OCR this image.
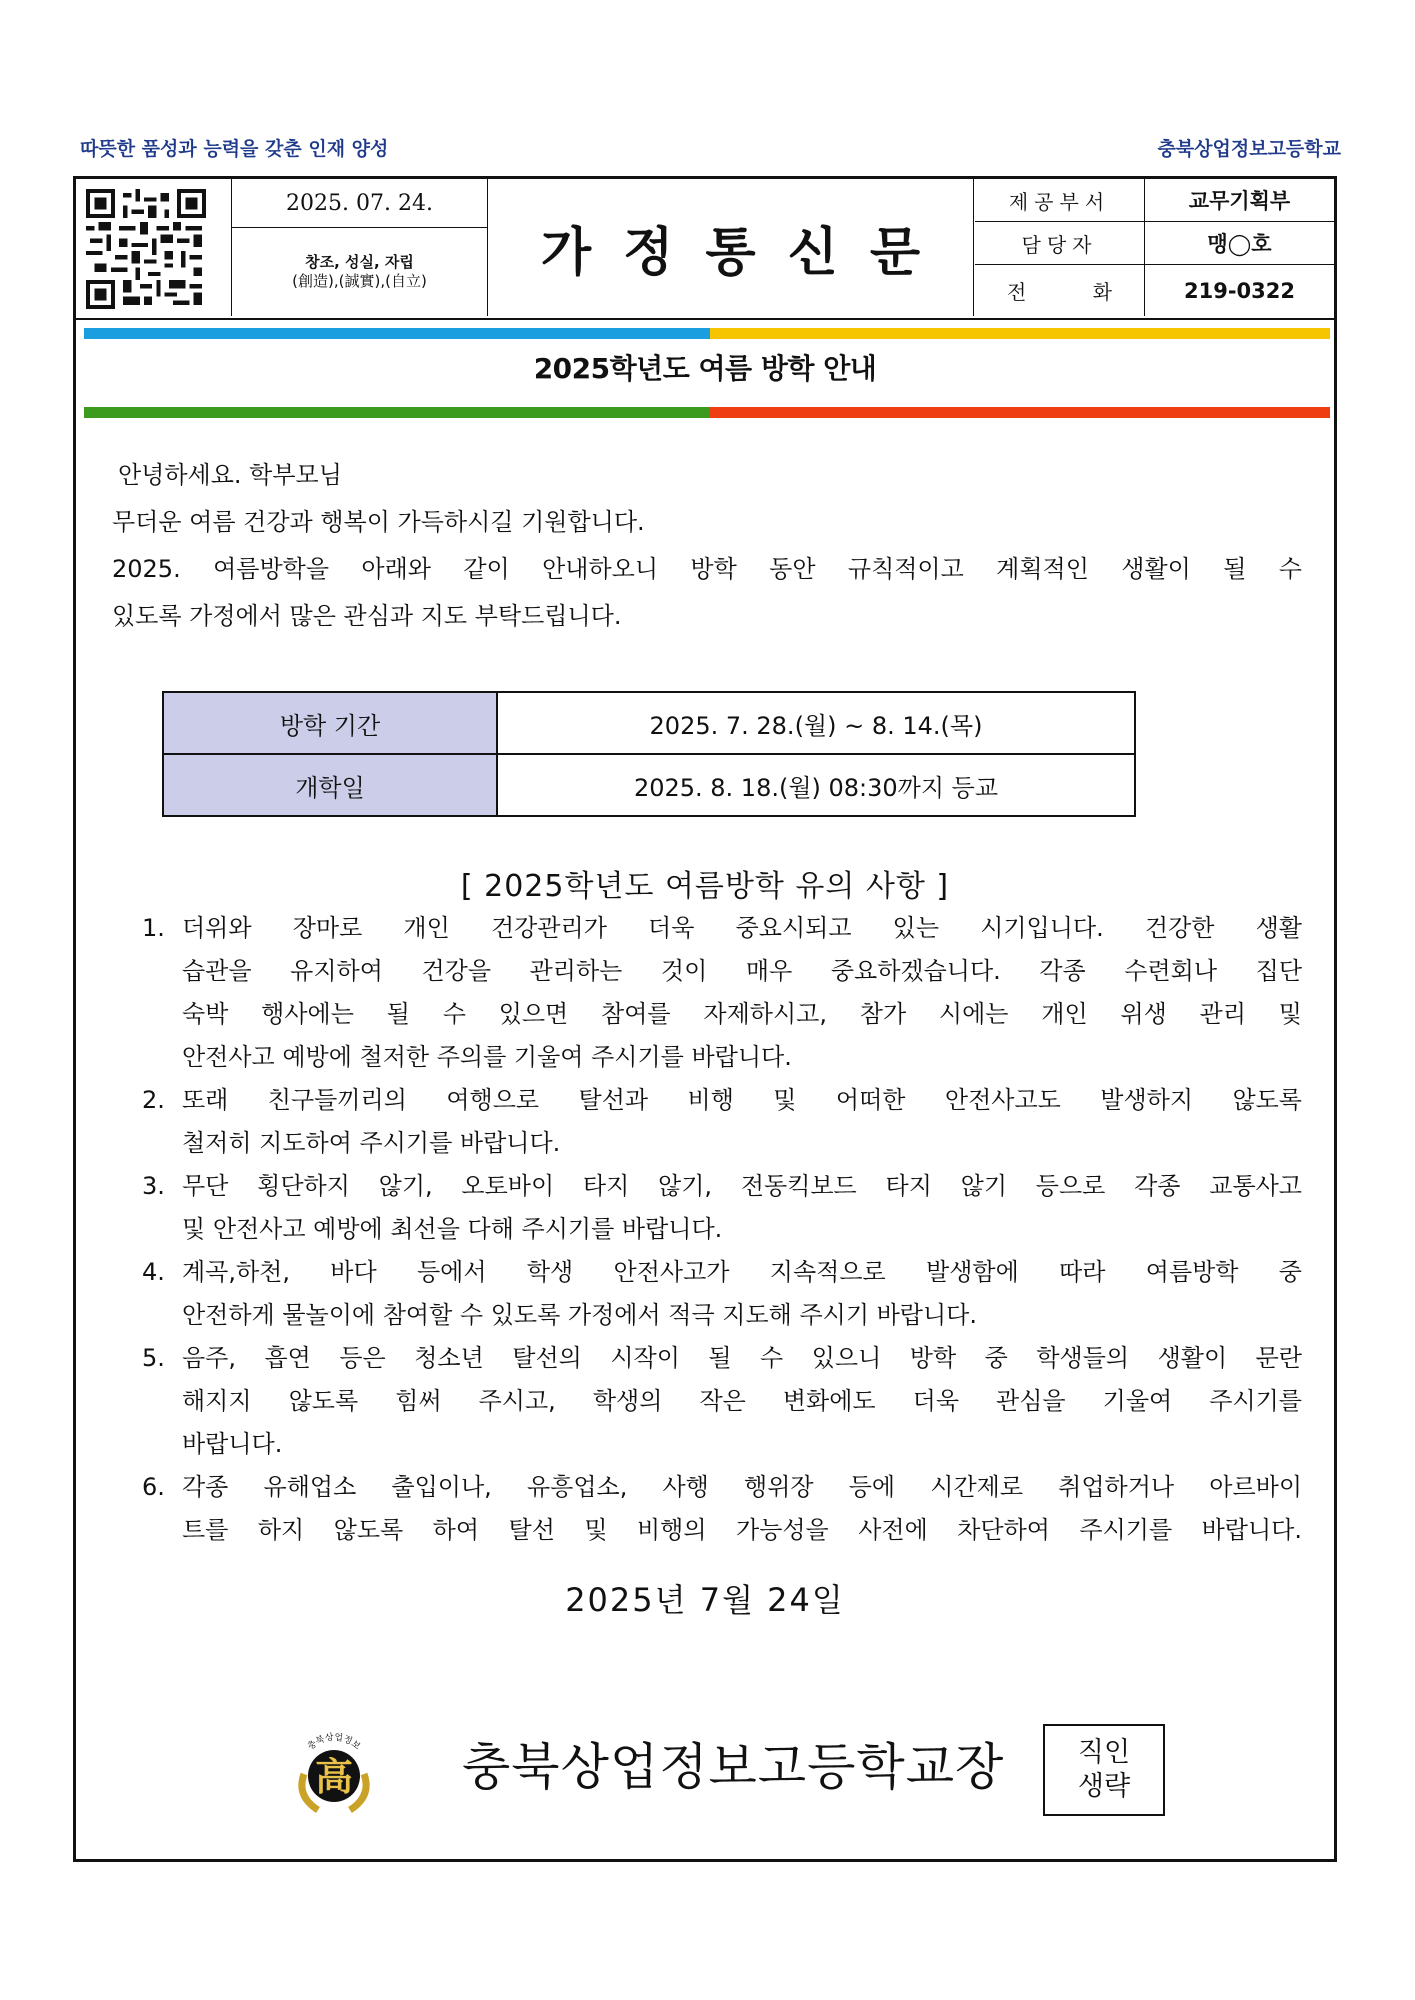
따뜻한 품성과 능력을 갖춘 인재 양성	충북상업정보고등학교
2025. 07. 24.
창조, 성실, 자립
(創造),(誠實),(自立)	가정통신문
제공부서	교무기획부
담당자	맹◯호
전 화	219-0322
2025학년도 여름 방학 안내
안녕하세요. 학부모님
무더운 여름 건강과 행복이 가득하시길 기원합니다.
2025. 여름방학을 아래와 같이 안내하오니 방학 동안 규칙적이고 계획적인 생활이 될 수
있도록 가정에서 많은 관심과 지도 부탁드립니다.
방학 기간	2025. 7. 28.(월) ~ 8. 14.(목)
개학일	2025. 8. 18.(월) 08:30까지 등교
[ 2025학년도 여름방학 유의 사항 ]
1. 더위와 장마로 개인 건강관리가 더욱 중요시되고 있는 시기입니다. 건강한 생활
습관을 유지하여 건강을 관리하는 것이 매우 중요하겠습니다. 각종 수련회나 집단
숙박 행사에는 될 수 있으면 참여를 자제하시고, 참가 시에는 개인 위생 관리 및
안전사고 예방에 철저한 주의를 기울여 주시기를 바랍니다.
2. 또래 친구들끼리의 여행으로 탈선과 비행 및 어떠한 안전사고도 발생하지 않도록
철저히 지도하여 주시기를 바랍니다.
3. 무단 횡단하지 않기, 오토바이 타지 않기, 전동킥보드 타지 않기 등으로 각종 교통사고
및 안전사고 예방에 최선을 다해 주시기를 바랍니다.
4. 계곡,하천, 바다 등에서 학생 안전사고가 지속적으로 발생함에 따라 여름방학 중
안전하게 물놀이에 참여할 수 있도록 가정에서 적극 지도해 주시기 바랍니다.
5. 음주, 흡연 등은 청소년 탈선의 시작이 될 수 있으니 방학 중 학생들의 생활이 문란
해지지 않도록 힘써 주시고, 학생의 작은 변화에도 더욱 관심을 기울여 주시기를
바랍니다.
6. 각종 유해업소 출입이나, 유흥업소, 사행 행위장 등에 시간제로 취업하거나 아르바이
트를 하지 않도록 하여 탈선 및 비행의 가능성을 사전에 차단하여 주시기를 바랍니다.
2025년 7월 24일
충북상업정보
高 충북상업정보고등학교장	직인
생략
